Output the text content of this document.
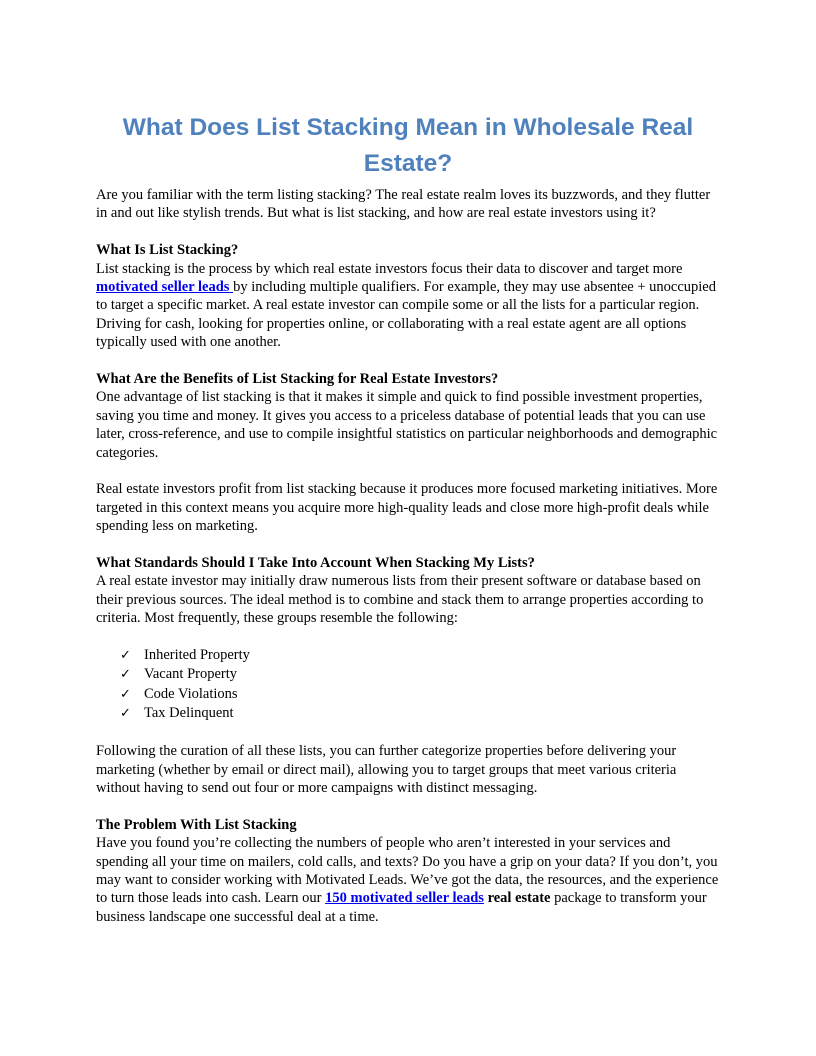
What Does List Stacking Mean in Wholesale Real Estate?

Are you familiar with the term listing stacking? The real estate realm loves its buzzwords, and they flutter in and out like stylish trends. But what is list stacking, and how are real estate investors using it?

What Is List Stacking?
List stacking is the process by which real estate investors focus their data to discover and target more motivated seller leads by including multiple qualifiers. For example, they may use absentee + unoccupied to target a specific market. A real estate investor can compile some or all the lists for a particular region. Driving for cash, looking for properties online, or collaborating with a real estate agent are all options typically used with one another.

What Are the Benefits of List Stacking for Real Estate Investors?
One advantage of list stacking is that it makes it simple and quick to find possible investment properties, saving you time and money. It gives you access to a priceless database of potential leads that you can use later, cross-reference, and use to compile insightful statistics on particular neighborhoods and demographic categories.

Real estate investors profit from list stacking because it produces more focused marketing initiatives. More targeted in this context means you acquire more high-quality leads and close more high-profit deals while spending less on marketing.

What Standards Should I Take Into Account When Stacking My Lists?
A real estate investor may initially draw numerous lists from their present software or database based on their previous sources. The ideal method is to combine and stack them to arrange properties according to criteria. Most frequently, these groups resemble the following:

✓ Inherited Property
✓ Vacant Property
✓ Code Violations
✓ Tax Delinquent

Following the curation of all these lists, you can further categorize properties before delivering your marketing (whether by email or direct mail), allowing you to target groups that meet various criteria without having to send out four or more campaigns with distinct messaging.

The Problem With List Stacking
Have you found you’re collecting the numbers of people who aren’t interested in your services and spending all your time on mailers, cold calls, and texts? Do you have a grip on your data? If you don’t, you may want to consider working with Motivated Leads. We’ve got the data, the resources, and the experience to turn those leads into cash. Learn our 150 motivated seller leads real estate package to transform your business landscape one successful deal at a time.
